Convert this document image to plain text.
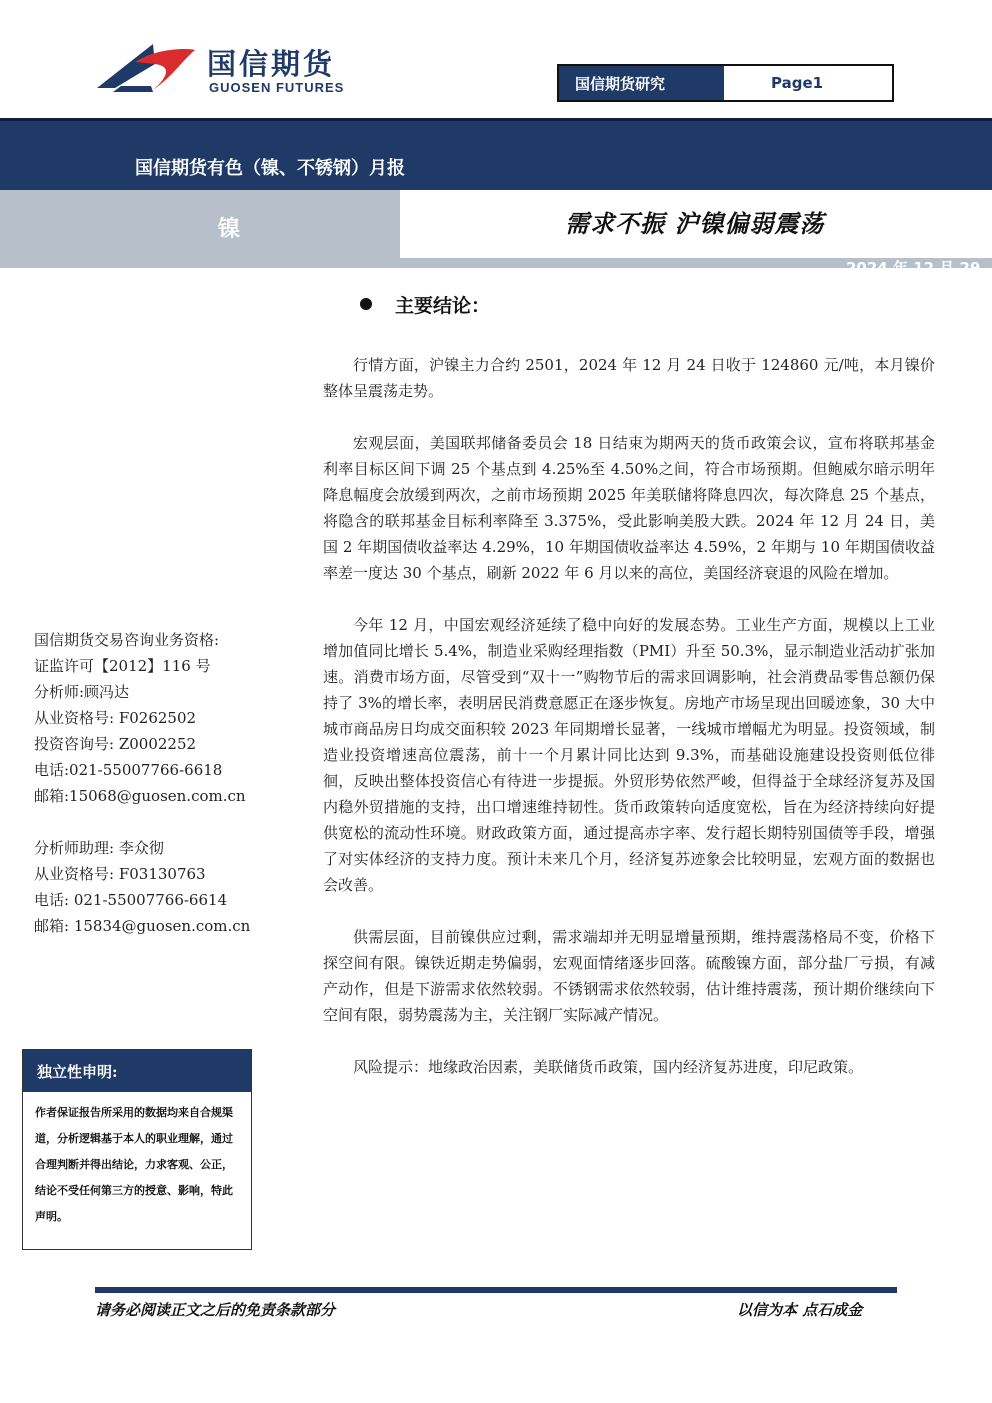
国信期货
GUOSEN FUTURES	国信期货研究	Page1
国信期货有色（镍、不锈钢）月报
镍	需求不振 沪镍偏弱震荡
2024 年 12 月 29 日
主要结论：

行情方面，沪镍主力合约 2501，2024 年 12 月 24 日收于 124860 元/吨，本月镍价整体呈震荡走势。

宏观层面，美国联邦储备委员会 18 日结束为期两天的货币政策会议，宣布将联邦基金利率目标区间下调 25 个基点到 4.25%至 4.50%之间，符合市场预期。但鲍威尔暗示明年降息幅度会放缓到两次，之前市场预期 2025 年美联储将降息四次，每次降息 25 个基点，将隐含的联邦基金目标利率降至 3.375%，受此影响美股大跌。2024 年 12 月 24 日，美国 2 年期国债收益率达 4.29%，10 年期国债收益率达 4.59%，2 年期与 10 年期国债收益率差一度达 30 个基点，刷新 2022 年 6 月以来的高位，美国经济衰退的风险在增加。

今年 12 月，中国宏观经济延续了稳中向好的发展态势。工业生产方面，规模以上工业增加值同比增长 5.4%，制造业采购经理指数（PMI）升至 50.3%，显示制造业活动扩张加速。消费市场方面，尽管受到“双十一”购物节后的需求回调影响，社会消费品零售总额仍保持了 3%的增长率，表明居民消费意愿正在逐步恢复。房地产市场呈现出回暖迹象，30 大中城市商品房日均成交面积较 2023 年同期增长显著，一线城市增幅尤为明显。投资领域，制造业投资增速高位震荡，前十一个月累计同比达到 9.3%，而基础设施建设投资则低位徘徊，反映出整体投资信心有待进一步提振。外贸形势依然严峻，但得益于全球经济复苏及国内稳外贸措施的支持，出口增速维持韧性。货币政策转向适度宽松，旨在为经济持续向好提供宽松的流动性环境。财政政策方面，通过提高赤字率、发行超长期特别国债等手段，增强了对实体经济的支持力度。预计未来几个月，经济复苏迹象会比较明显，宏观方面的数据也会改善。

供需层面，目前镍供应过剩，需求端却并无明显增量预期，维持震荡格局不变，价格下探空间有限。镍铁近期走势偏弱，宏观面情绪逐步回落。硫酸镍方面，部分盐厂亏损，有减产动作，但是下游需求依然较弱。不锈钢需求依然较弱，估计维持震荡，预计期价继续向下空间有限，弱势震荡为主，关注钢厂实际减产情况。

风险提示：地缘政治因素，美联储货币政策，国内经济复苏进度，印尼政策。

国信期货交易咨询业务资格:
证监许可【2012】116 号
分析师:顾冯达
从业资格号: F0262502
投资咨询号: Z0002252
电话:021-55007766-6618
邮箱:15068@guosen.com.cn
分析师助理: 李众彻
从业资格号: F03130763
电话: 021-55007766-6614
邮箱: 15834@guosen.com.cn
独立性申明:
作者保证报告所采用的数据均来自合规渠道，分析逻辑基于本人的职业理解，通过合理判断并得出结论，力求客观、公正，结论不受任何第三方的授意、影响，特此声明。
请务必阅读正文之后的免责条款部分	以信为本 点石成金
